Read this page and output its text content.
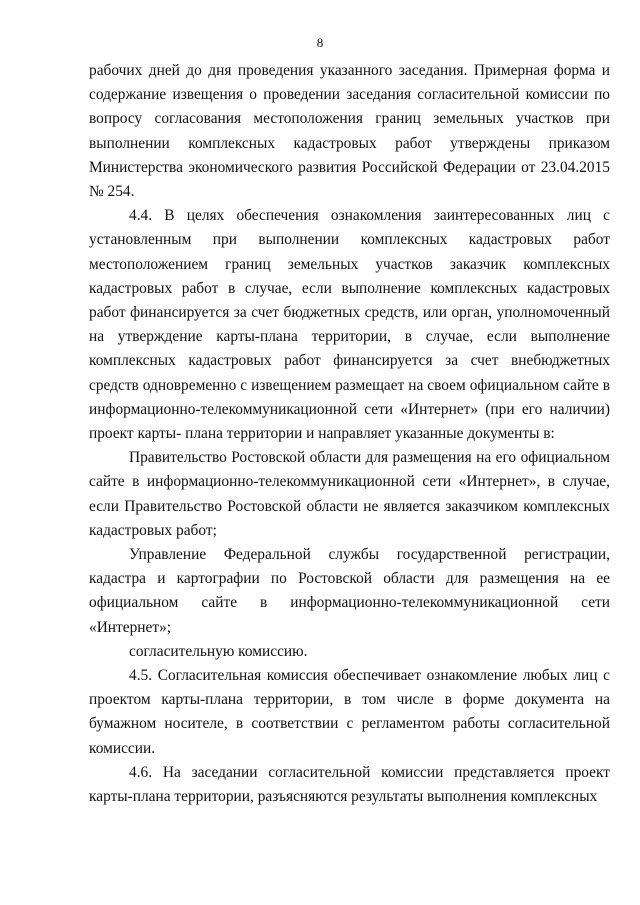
8

рабочих дней до дня проведения указанного заседания. Примерная форма и содержание извещения о проведении заседания согласительной комиссии по вопросу согласования местоположения границ земельных участков при выполнении комплексных кадастровых работ утверждены приказом Министерства экономического развития Российской Федерации от 23.04.2015 № 254.

4.4. В целях обеспечения ознакомления заинтересованных лиц с установленным при выполнении комплексных кадастровых работ местоположением границ земельных участков заказчик комплексных кадастровых работ в случае, если выполнение комплексных кадастровых работ финансируется за счет бюджетных средств, или орган, уполномоченный на утверждение карты-плана территории, в случае, если выполнение комплексных кадастровых работ финансируется за счет внебюджетных средств одновременно с извещением размещает на своем официальном сайте в информационно-телекоммуникационной сети «Интернет» (при его наличии) проект карты- плана территории и направляет указанные документы в:

Правительство Ростовской области для размещения на его официальном сайте в информационно-телекоммуникационной сети «Интернет», в случае, если Правительство Ростовской области не является заказчиком комплексных кадастровых работ;

Управление Федеральной службы государственной регистрации, кадастра и картографии по Ростовской области для размещения на ее официальном сайте в информационно-телекоммуникационной сети «Интернет»;

согласительную комиссию.

4.5. Согласительная комиссия обеспечивает ознакомление любых лиц с проектом карты-плана территории, в том числе в форме документа на бумажном носителе, в соответствии с регламентом работы согласительной комиссии.

4.6. На заседании согласительной комиссии представляется проект карты-плана территории, разъясняются результаты выполнения комплексных
